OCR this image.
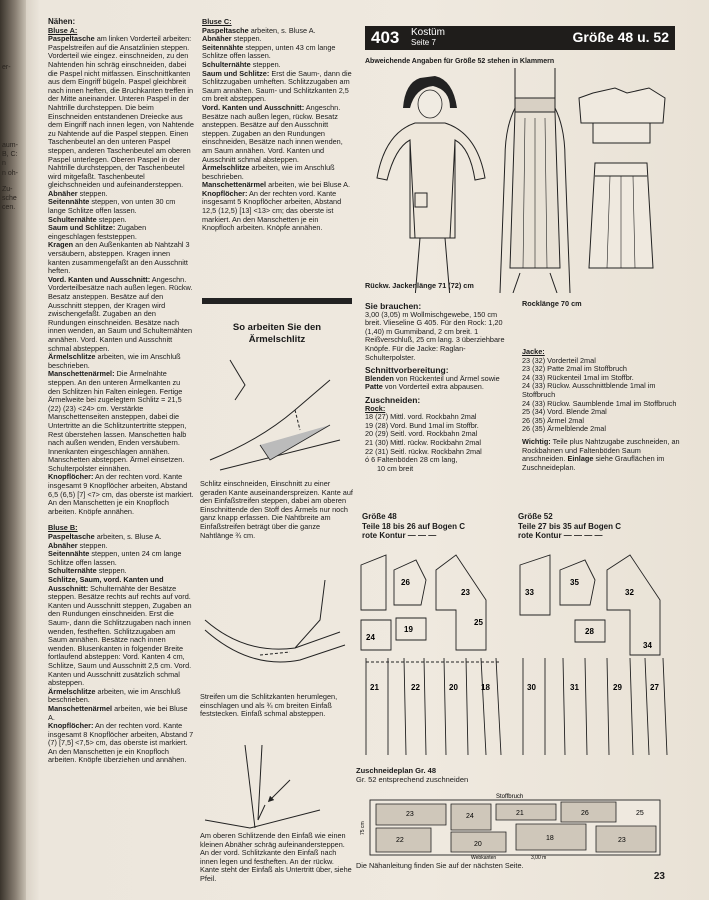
er-
aum-
B, C:
n
n oh-
Zu-
sche
cen.

Nähen:

Bluse A:

Paspeltasche am linken Vorderteil arbeiten: Paspelstreifen auf die Ansatzlinien steppen. Vorderteil wie eingez. einschneiden, zu den Nahtenden hin schräg einschneiden, dabei die Paspel nicht mitfassen. Einschnittkanten aus dem Eingriff bügeln. Paspel gleichbreit nach innen heften, die Bruchkanten treffen in der Mitte aneinander. Unteren Paspel in der Nahtrille durchsteppen. Die beim Einschneiden entstandenen Dreiecke aus dem Eingriff nach innen legen, von Nahtende zu Nahtende auf die Paspel steppen. Einen Taschenbeutel an den unteren Paspel steppen, anderen Taschenbeutel am oberen Paspel unterlegen. Oberen Paspel in der Nahtrille durchsteppen, der Taschenbeutel wird mitgefaßt. Taschenbeutel gleichschneiden und aufeinandersteppen.

Abnäher steppen.

Seitennähte steppen, von unten 30 cm lange Schlitze offen lassen.

Schulternähte steppen.

Saum und Schlitze: Zugaben eingeschlagen feststeppen.

Kragen an den Außenkanten ab Nahtzahl 3 versäubern, absteppen. Kragen innen kanten zusammengefaßt an den Ausschnitt heften.

Vord. Kanten und Ausschnitt: Angeschn. Vorderteilbesätze nach außen legen. Rückw. Besatz ansteppen. Besätze auf den Ausschnitt steppen, der Kragen wird zwischengefaßt. Zugaben an den Rundungen einschneiden. Besätze nach innen wenden, an Saum und Schulternähten annähen. Vord. Kanten und Ausschnitt schmal absteppen.

Ärmelschlitze arbeiten, wie im Anschluß beschrieben.

Manschettenärmel: Die Ärmelnähte steppen. An den unteren Ärmelkanten zu den Schlitzen hin Falten einlegen. Fertige Ärmelweite bei zugelegtem Schlitz = 21,5 (22) (23) <24> cm. Verstärkte Manschettenseiten ansteppen, dabei die Untertritte an die Schlitzuntertritte steppen, Rest überstehen lassen. Manschetten halb nach außen wenden, Enden versäubern. Innenkanten eingeschlagen annähen. Manschetten absteppen. Ärmel einsetzen. Schulterpolster einnähen.

Knopflöcher: An der rechten vord. Kante insgesamt 9 Knopflöcher arbeiten, Abstand 6,5 (6,5) [7] <7> cm, das oberste ist markiert. An den Manschetten je ein Knopfloch arbeiten. Knöpfe annähen.

Bluse B:

Paspeltasche arbeiten, s. Bluse A.

Abnäher steppen.

Seitennähte steppen, unten 24 cm lange Schlitze offen lassen.

Schulternähte steppen.

Schlitze, Saum, vord. Kanten und Ausschnitt: Schulternähte der Besätze steppen. Besätze rechts auf rechts auf vord. Kanten und Ausschnitt steppen, Zugaben an den Rundungen einschneiden. Erst die Saum-, dann die Schlitzzugaben nach innen wenden, festheften. Schlitzzugaben am Saum annähen. Besätze nach innen wenden. Blusenkanten in folgender Breite fortlaufend absteppen: Vord. Kanten 4 cm, Schlitze, Saum und Ausschnitt 2,5 cm. Vord. Kanten und Ausschnitt zusätzlich schmal absteppen.

Ärmelschlitze arbeiten, wie im Anschluß beschrieben.

Manschettenärmel arbeiten, wie bei Bluse A.

Knopflöcher: An der rechten vord. Kante insgesamt 8 Knopflöcher arbeiten, Abstand 7 (7) [7,5] <7,5> cm, das oberste ist markiert. An den Manschetten je ein Knopfloch arbeiten. Knöpfe überziehen und annähen.

Bluse C:

Paspeltasche arbeiten, s. Bluse A.

Abnäher steppen.

Seitennähte steppen, unten 43 cm lange Schlitze offen lassen.

Schulternähte steppen.

Saum und Schlitze: Erst die Saum-, dann die Schlitzzugaben umheften. Schlitzzugaben am Saum annähen. Saum- und Schlitzkanten 2,5 cm breit absteppen.

Vord. Kanten und Ausschnitt: Angeschn. Besätze nach außen legen, rückw. Besatz ansteppen. Besätze auf den Ausschnitt steppen. Zugaben an den Rundungen einschneiden, Besätze nach innen wenden, am Saum annähen. Vord. Kanten und Ausschnitt schmal absteppen.

Ärmelschlitze arbeiten, wie im Anschluß beschrieben.

Manschettenärmel arbeiten, wie bei Bluse A.

Knopflöcher: An der rechten vord. Kante insgesamt 5 Knopflöcher arbeiten, Abstand 12,5 (12,5) [13] <13> cm; das oberste ist markiert. An den Manschetten je ein Knopfloch arbeiten. Knöpfe annähen.

So arbeiten Sie den
Ärmelschlitz
Schlitz einschneiden, Einschnitt zu einer geraden Kante auseinanderspreizen. Kante auf den Einfaßstreifen steppen, dabei am oberen Einschnittende den Stoff des Ärmels nur noch ganz knapp erfassen. Die Nahtbreite am Einfaßstreifen beträgt über die ganze Nahtlänge ¾ cm.
Streifen um die Schlitzkanten herumlegen, einschlagen und als ¾ cm breiten Einfaß feststecken. Einfaß schmal absteppen.
Am oberen Schlitzende den Einfaß wie einen kleinen Abnäher schräg aufeinandersteppen. An der vord. Schlitzkante den Einfaß nach innen legen und festheften. An der rückw. Kante steht der Einfaß als Untertritt über, siehe Pfeil.
403 Kostüm
Seite 7	Größe 48 u. 52
Abweichende Angaben für Größe 52 stehen in Klammern
Rückw. Jackenlänge 71 (72) cm
Rocklänge 70 cm
Sie brauchen:
3,00 (3,05) m Wollmischgewebe, 150 cm breit. Vlieseline G 405. Für den Rock: 1,20 (1,40) m Gummiband, 2 cm breit. 1 Reißverschluß, 25 cm lang. 3 überziehbare Knöpfe. Für die Jacke: Raglan-Schulterpolster.
Schnittvorbereitung:
Blenden von Rückenteil und Ärmel sowie Patte von Vorderteil extra abpausen.
Zuschneiden:
Rock:
18 (27) Mittl. vord. Rockbahn 2mal
19 (28) Vord. Bund 1mal im Stoffbr.
20 (29) Seitl. vord. Rockbahn 2mal
21 (30) Mittl. rückw. Rockbahn 2mal
22 (31) Seitl. rückw. Rockbahn 2mal
ó 6 Faltenböden 28 cm lang,
10 cm breit
Jacke:
23 (32) Vorderteil 2mal
23 (32) Patte 2mal im Stoffbruch
24 (33) Rückenteil 1mal im Stoffbr.
24 (33) Rückw. Ausschnittblende 1mal im Stoffbruch
24 (33) Rückw. Saumblende 1mal im Stoffbruch
25 (34) Vord. Blende 2mal
26 (35) Ärmel 2mal
26 (35) Ärmelblende 2mal
Wichtig: Teile plus Nahtzugabe zuschneiden, an Rockbahnen und Faltenböden Saum anschneiden. Einlage siehe Grauflächen im Zuschneideplan.
Größe 48
Teile 18 bis 26 auf Bogen C
rote Kontur — — —
26
23
25
19
24
21	22	20	18
Größe 52
Teile 27 bis 35 auf Bogen C
rote Kontur — — — —
33
35
32
28
34
30	31	29	27
Zuschneideplan Gr. 48
Gr. 52 entsprechend zuschneiden
Stoffbruch
Webkanten	3,00 m
75 cm
24
23
22
20
26
18
21
23
25
Die Nähanleitung finden Sie auf der nächsten Seite.
23
